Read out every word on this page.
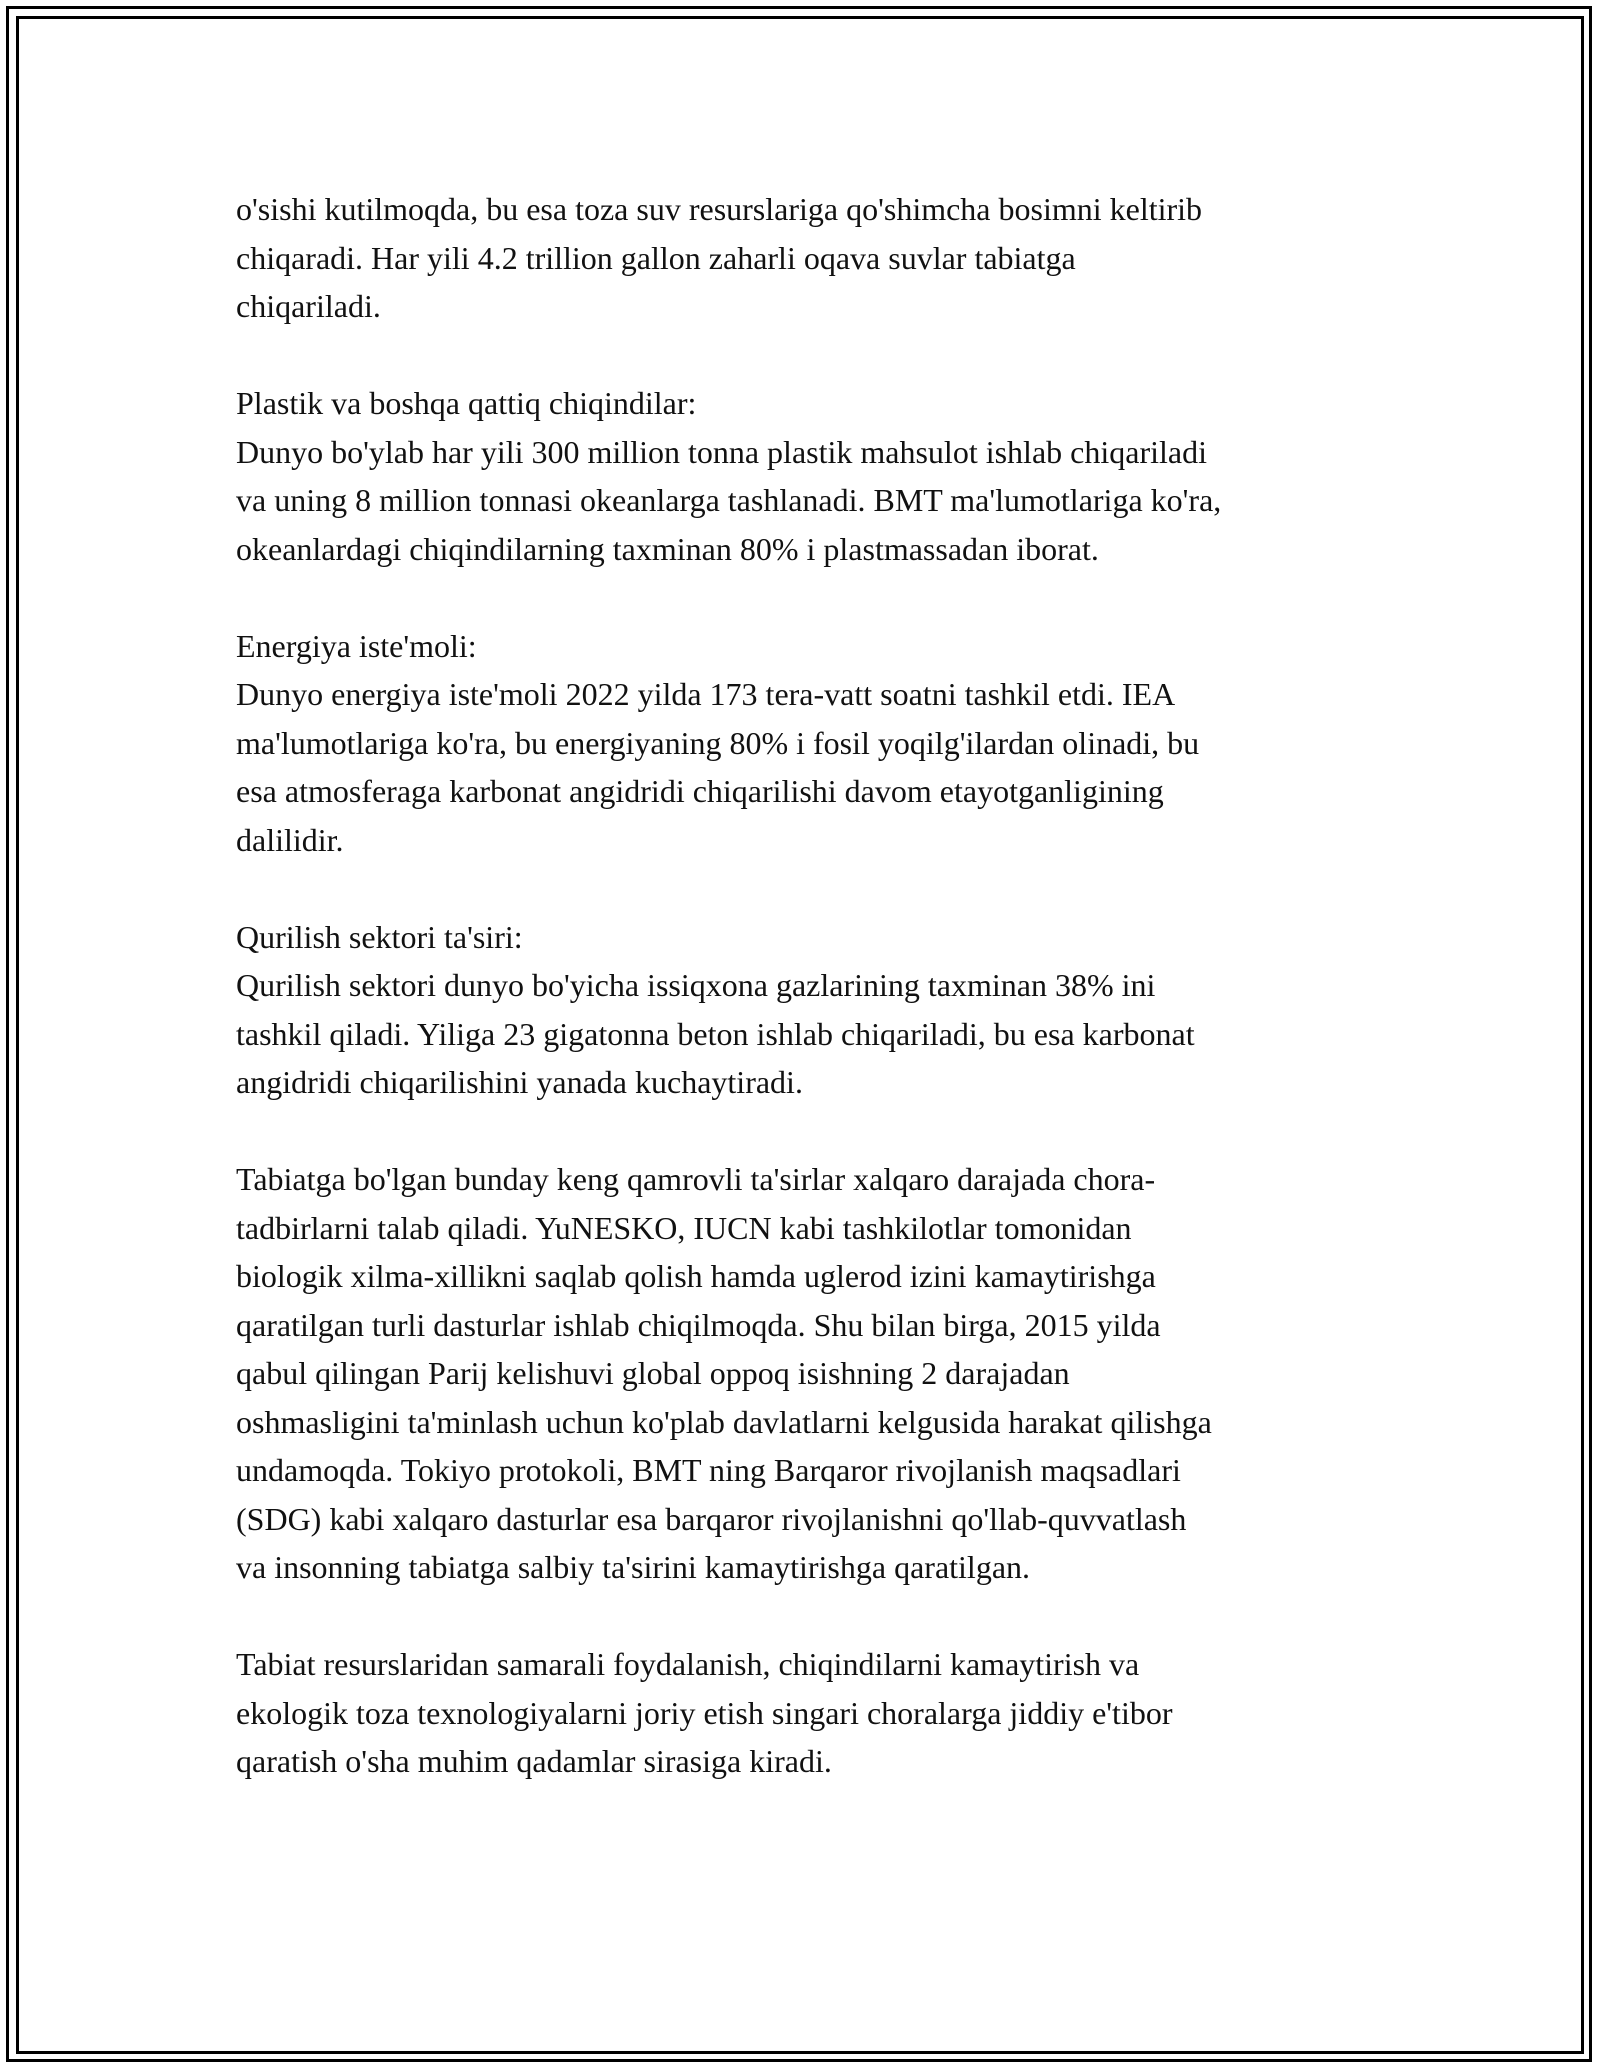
o'sishi kutilmoqda, bu esa toza suv resurslariga qo'shimcha bosimni keltirib
chiqaradi. Har yili 4.2 trillion gallon zaharli oqava suvlar tabiatga
chiqariladi.

Plastik va boshqa qattiq chiqindilar:
Dunyo bo'ylab har yili 300 million tonna plastik mahsulot ishlab chiqariladi
va uning 8 million tonnasi okeanlarga tashlanadi. BMT ma'lumotlariga ko'ra,
okeanlardagi chiqindilarning taxminan 80% i plastmassadan iborat.

Energiya iste'moli:
Dunyo energiya iste'moli 2022 yilda 173 tera-vatt soatni tashkil etdi. IEA
ma'lumotlariga ko'ra, bu energiyaning 80% i fosil yoqilg'ilardan olinadi, bu
esa atmosferaga karbonat angidridi chiqarilishi davom etayotganligining
dalilidir.

Qurilish sektori ta'siri:
Qurilish sektori dunyo bo'yicha issiqxona gazlarining taxminan 38% ini
tashkil qiladi. Yiliga 23 gigatonna beton ishlab chiqariladi, bu esa karbonat
angidridi chiqarilishini yanada kuchaytiradi.

Tabiatga bo'lgan bunday keng qamrovli ta'sirlar xalqaro darajada chora-
tadbirlarni talab qiladi. YuNESKO, IUCN kabi tashkilotlar tomonidan
biologik xilma-xillikni saqlab qolish hamda uglerod izini kamaytirishga
qaratilgan turli dasturlar ishlab chiqilmoqda. Shu bilan birga, 2015 yilda
qabul qilingan Parij kelishuvi global oppoq isishning 2 darajadan
oshmasligini ta'minlash uchun ko'plab davlatlarni kelgusida harakat qilishga
undamoqda. Tokiyo protokoli, BMT ning Barqaror rivojlanish maqsadlari
(SDG) kabi xalqaro dasturlar esa barqaror rivojlanishni qo'llab-quvvatlash
va insonning tabiatga salbiy ta'sirini kamaytirishga qaratilgan.

Tabiat resurslaridan samarali foydalanish, chiqindilarni kamaytirish va
ekologik toza texnologiyalarni joriy etish singari choralarga jiddiy e'tibor
qaratish o'sha muhim qadamlar sirasiga kiradi.
